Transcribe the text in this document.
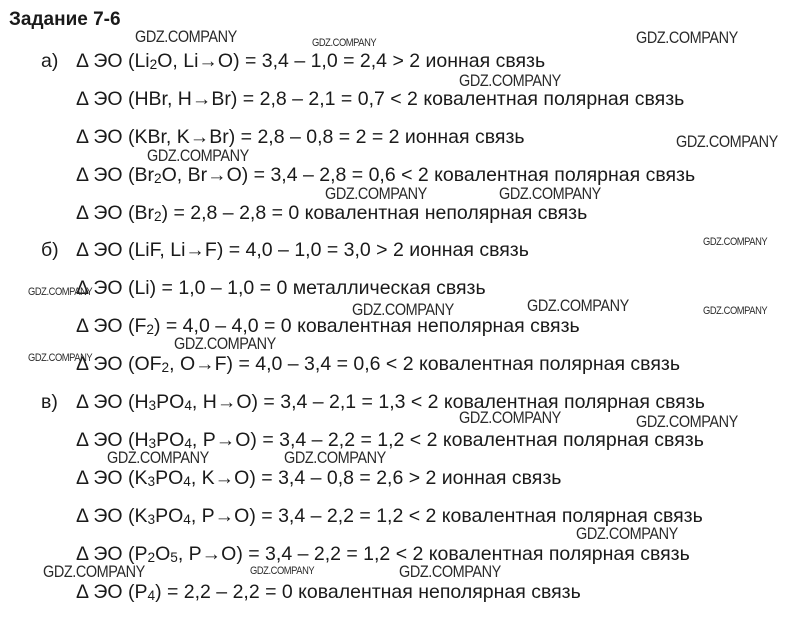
Задание 7-6
а)
б)
в)
Δ ЭО ($Li_2O$, Li→O) = 3,4 – 1,0 = 2,4 > 2 ионная связь
Δ ЭО (HBr, H→Br) = 2,8 – 2,1 = 0,7 < 2 ковалентная полярная связь
Δ ЭО (KBr, K→Br) = 2,8 – 0,8 = 2 = 2 ионная связь
Δ ЭО ($Br_2O$, Br→O) = 3,4 – 2,8 = 0,6 < 2 ковалентная полярная связь
Δ ЭО $(Br_2) = 2,8 - 2,8 = 0$ ковалентная неполярная связь
Δ ЭО (LiF, Li→F) = 4,0 – 1,0 = 3,0 > 2 ионная связь
Δ ЭО (Li) = 1,0 – 1,0 = 0 металлическая связь
Δ ЭО $(F_2) = 4,0 - 4,0 = 0$ ковалентная неполярная связь
Δ ЭО ($OF_2$, O→F) = 4,0 – 3,4 = 0,6 < 2 ковалентная полярная связь
Δ ЭО ($H_3PO_4$, H→O) = 3,4 – 2,1 = 1,3 < 2 ковалентная полярная связь
Δ ЭО ($H_3PO_4$, P→O) = 3,4 – 2,2 = 1,2 < 2 ковалентная полярная связь
Δ ЭО ($K_3PO_4$, K→O) = 3,4 – 0,8 = 2,6 > 2 ионная связь
Δ ЭО ($K_3PO_4$, P→O) = 3,4 – 2,2 = 1,2 < 2 ковалентная полярная связь
Δ ЭО ($P_2O_5$, P→O) = 3,4 – 2,2 = 1,2 < 2 ковалентная полярная связь
Δ ЭО $(P_4) = 2,2 - 2,2 = 0$ ковалентная неполярная связь
GDZ.COMPANY	GDZ.COMPANY	GDZ.COMPANY
GDZ.COMPANY
GDZ.COMPANY
GDZ.COMPANY
GDZ.COMPANY	GDZ.COMPANY
GDZ.COMPANY
GDZ.COMPANY
GDZ.COMPANY	GDZ.COMPANY	GDZ.COMPANY
GDZ.COMPANY
GDZ.COMPANY
GDZ.COMPANY	GDZ.COMPANY
GDZ.COMPANY	GDZ.COMPANY
GDZ.COMPANY
GDZ.COMPANY	GDZ.COMPANY	GDZ.COMPANY
